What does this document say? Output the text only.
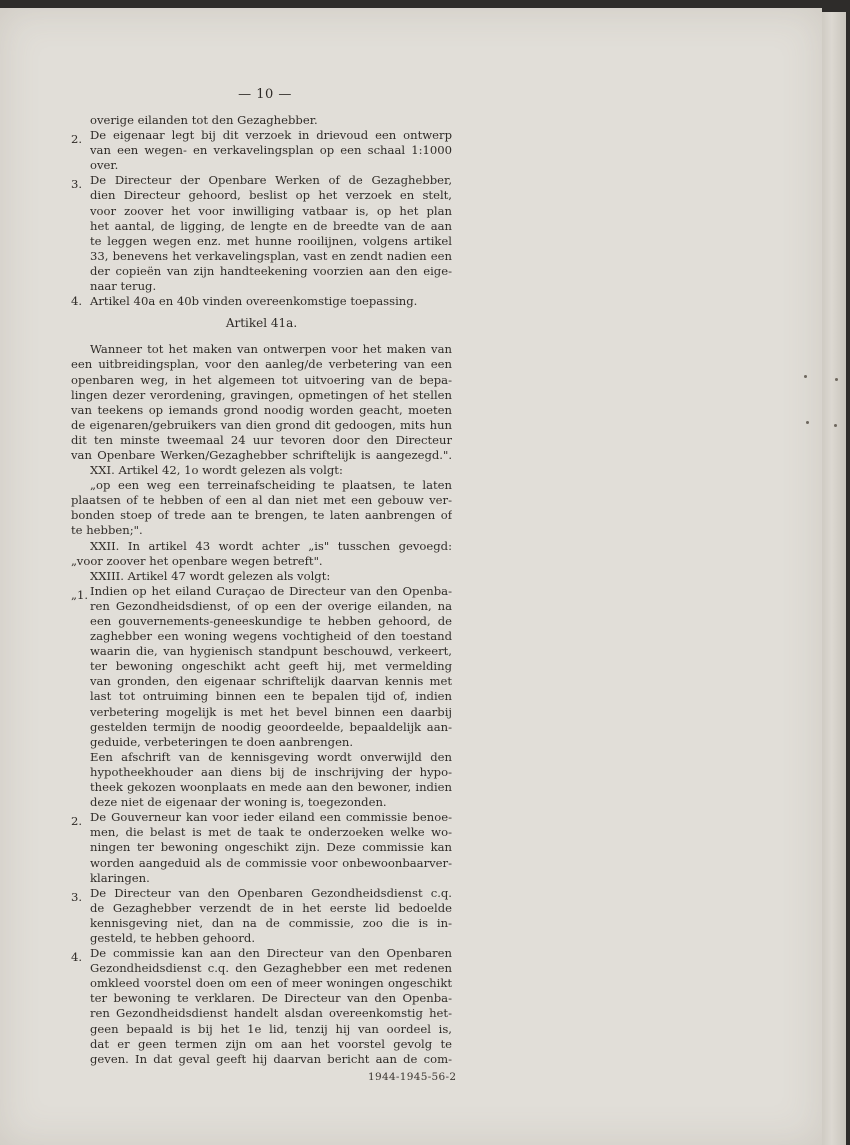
— 10 —
overige eilanden tot den Gezaghebber.
2. De eigenaar legt bij dit verzoek in drievoud een ontwerp
van een wegen- en verkavelingsplan op een schaal 1:1000
over.
3. De Directeur der Openbare Werken of de Gezaghebber,
dien Directeur gehoord, beslist op het verzoek en stelt,
voor zoover het voor inwilliging vatbaar is, op het plan
het aantal, de ligging, de lengte en de breedte van de aan
te leggen wegen enz. met hunne rooilijnen, volgens artikel
33, benevens het verkavelingsplan, vast en zendt nadien een
der copieën van zijn handteekening voorzien aan den eige-
naar terug.
4. Artikel 40a en 40b vinden overeenkomstige toepassing.
Artikel 41a.
Wanneer tot het maken van ontwerpen voor het maken van
een uitbreidingsplan, voor den aanleg/de verbetering van een
openbaren weg, in het algemeen tot uitvoering van de bepa-
lingen dezer verordening, gravingen, opmetingen of het stellen
van teekens op iemands grond noodig worden geacht, moeten
de eigenaren/gebruikers van dien grond dit gedoogen, mits hun
dit ten minste tweemaal 24 uur tevoren door den Directeur
van Openbare Werken/Gezaghebber schriftelijk is aangezegd.".
XXI. Artikel 42, 1o wordt gelezen als volgt:
„op een weg een terreinafscheiding te plaatsen, te laten
plaatsen of te hebben of een al dan niet met een gebouw ver-
bonden stoep of trede aan te brengen, te laten aanbrengen of
te hebben;".
XXII. In artikel 43 wordt achter „is" tusschen gevoegd:
„voor zoover het openbare wegen betreft".
XXIII. Artikel 47 wordt gelezen als volgt:
„1. Indien op het eiland Curaçao de Directeur van den Openba-
ren Gezondheidsdienst, of op een der overige eilanden, na
een gouvernements-geneeskundige te hebben gehoord, de
zaghebber een woning wegens vochtigheid of den toestand
waarin die, van hygienisch standpunt beschouwd, verkeert,
ter bewoning ongeschikt acht geeft hij, met vermelding
van gronden, den eigenaar schriftelijk daarvan kennis met
last tot ontruiming binnen een te bepalen tijd of, indien
verbetering mogelijk is met het bevel binnen een daarbij
gestelden termijn de noodig geoordeelde, bepaaldelijk aan-
geduide, verbeteringen te doen aanbrengen.
Een afschrift van de kennisgeving wordt onverwijld den
hypotheekhouder aan diens bij de inschrijving der hypo-
theek gekozen woonplaats en mede aan den bewoner, indien
deze niet de eigenaar der woning is, toegezonden.
2. De Gouverneur kan voor ieder eiland een commissie benoe-
men, die belast is met de taak te onderzoeken welke wo-
ningen ter bewoning ongeschikt zijn. Deze commissie kan
worden aangeduid als de commissie voor onbewoonbaarver-
klaringen.
3. De Directeur van den Openbaren Gezondheidsdienst c.q.
de Gezaghebber verzendt de in het eerste lid bedoelde
kennisgeving niet, dan na de commissie, zoo die is in-
gesteld, te hebben gehoord.
4. De commissie kan aan den Directeur van den Openbaren
Gezondheidsdienst c.q. den Gezaghebber een met redenen
omkleed voorstel doen om een of meer woningen ongeschikt
ter bewoning te verklaren. De Directeur van den Openba-
ren Gezondheidsdienst handelt alsdan overeenkomstig het-
geen bepaald is bij het 1e lid, tenzij hij van oordeel is,
dat er geen termen zijn om aan het voorstel gevolg te
geven. In dat geval geeft hij daarvan bericht aan de com-
1944-1945-56-2
